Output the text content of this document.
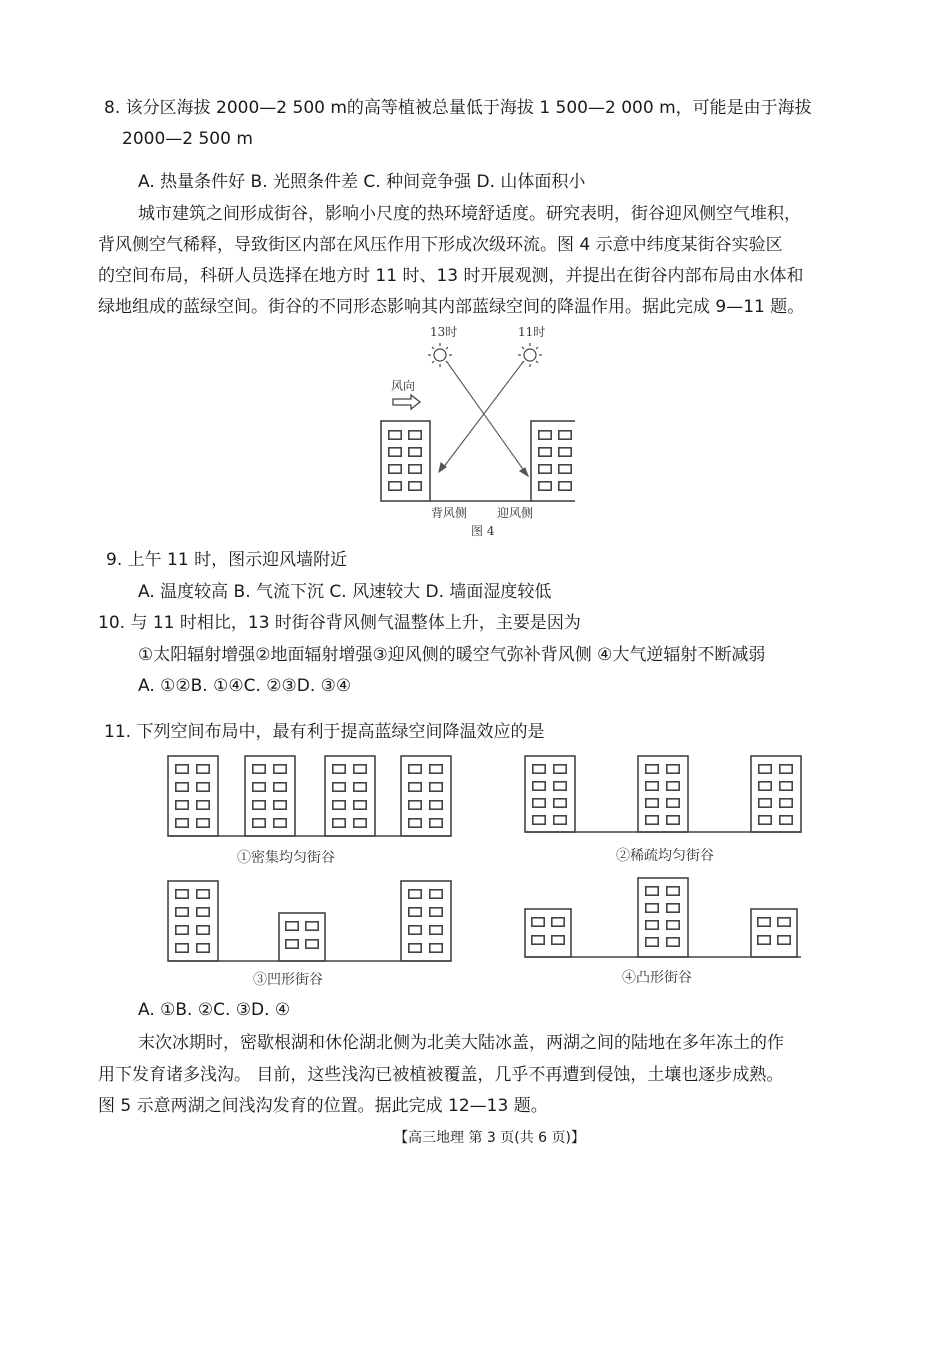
8. 该分区海拔 2000—2 500 m的高等植被总量低于海拔 1 500—2 000 m，可能是由于海拔
2000—2 500 m
A. 热量条件好 B. 光照条件差 C. 种间竞争强 D. 山体面积小
城市建筑之间形成街谷，影响小尺度的热环境舒适度。研究表明，街谷迎风侧空气堆积，
背风侧空气稀释，导致街区内部在风压作用下形成次级环流。图 4 示意中纬度某街谷实验区
的空间布局，科研人员选择在地方时 11 时、13 时开展观测，并提出在街谷内部布局由水体和
绿地组成的蓝绿空间。街谷的不同形态影响其内部蓝绿空间的降温作用。据此完成 9—11 题。
13时	11时
风向
背风侧 迎风侧
图 4
9. 上午 11 时，图示迎风墙附近
A. 温度较高 B. 气流下沉 C. 风速较大 D. 墙面湿度较低
10. 与 11 时相比，13 时街谷背风侧气温整体上升，主要是因为
①太阳辐射增强②地面辐射增强③迎风侧的暖空气弥补背风侧 ④大气逆辐射不断减弱
A. ①②B. ①④C. ②③D. ③④
11. 下列空间布局中，最有利于提高蓝绿空间降温效应的是
①密集均匀街谷	②稀疏均匀街谷
③凹形街谷	④凸形街谷
A. ①B. ②C. ③D. ④
末次冰期时，密歇根湖和休伦湖北侧为北美大陆冰盖，两湖之间的陆地在多年冻土的作
用下发育诸多浅沟。 目前，这些浅沟已被植被覆盖，几乎不再遭到侵蚀，土壤也逐步成熟。
图 5 示意两湖之间浅沟发育的位置。据此完成 12—13 题。
【高三地理 第 3 页(共 6 页)】
